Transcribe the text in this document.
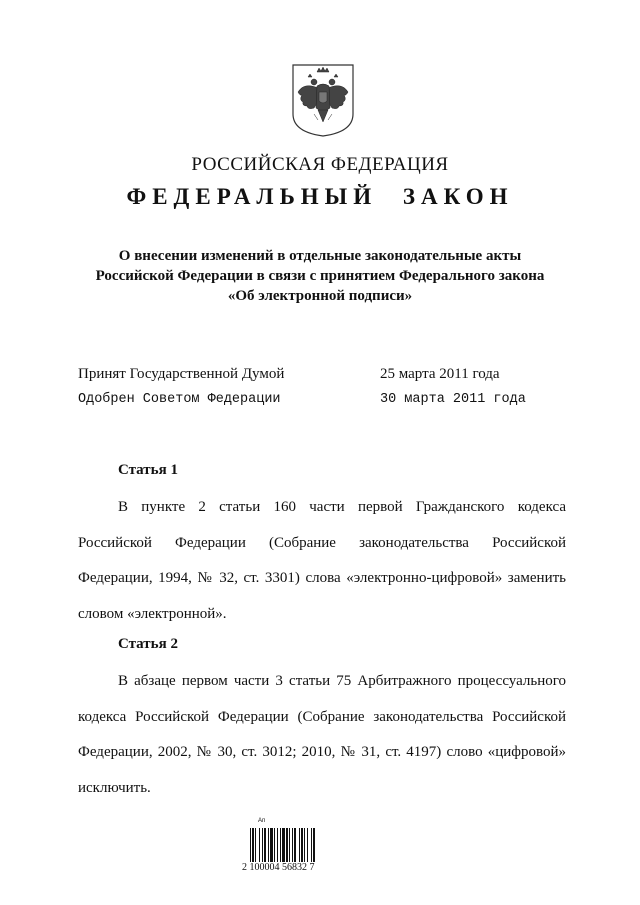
РОССИЙСКАЯ ФЕДЕРАЦИЯ
ФЕДЕРАЛЬНЫЙ ЗАКОН
О внесении изменений в отдельные законодательные акты
Российской Федерации в связи с принятием Федерального закона
«Об электронной подписи»
Принят Государственной Думой	25 марта 2011 года
Одобрен Советом Федерации	30 марта 2011 года
Статья 1

В пункте 2 статьи 160 части первой Гражданского кодекса Российской Федерации (Собрание законодательства Российской Федерации, 1994, № 32, ст. 3301) слова «электронно-цифровой» заменить словом «электронной».

Статья 2

В абзаце первом части 3 статьи 75 Арбитражного процессуального кодекса Российской Федерации (Собрание законодательства Российской Федерации, 2002, № 30, ст. 3012; 2010, № 31, ст. 4197) слово «цифровой» исключить.

Ап
2 100004 56832 7
